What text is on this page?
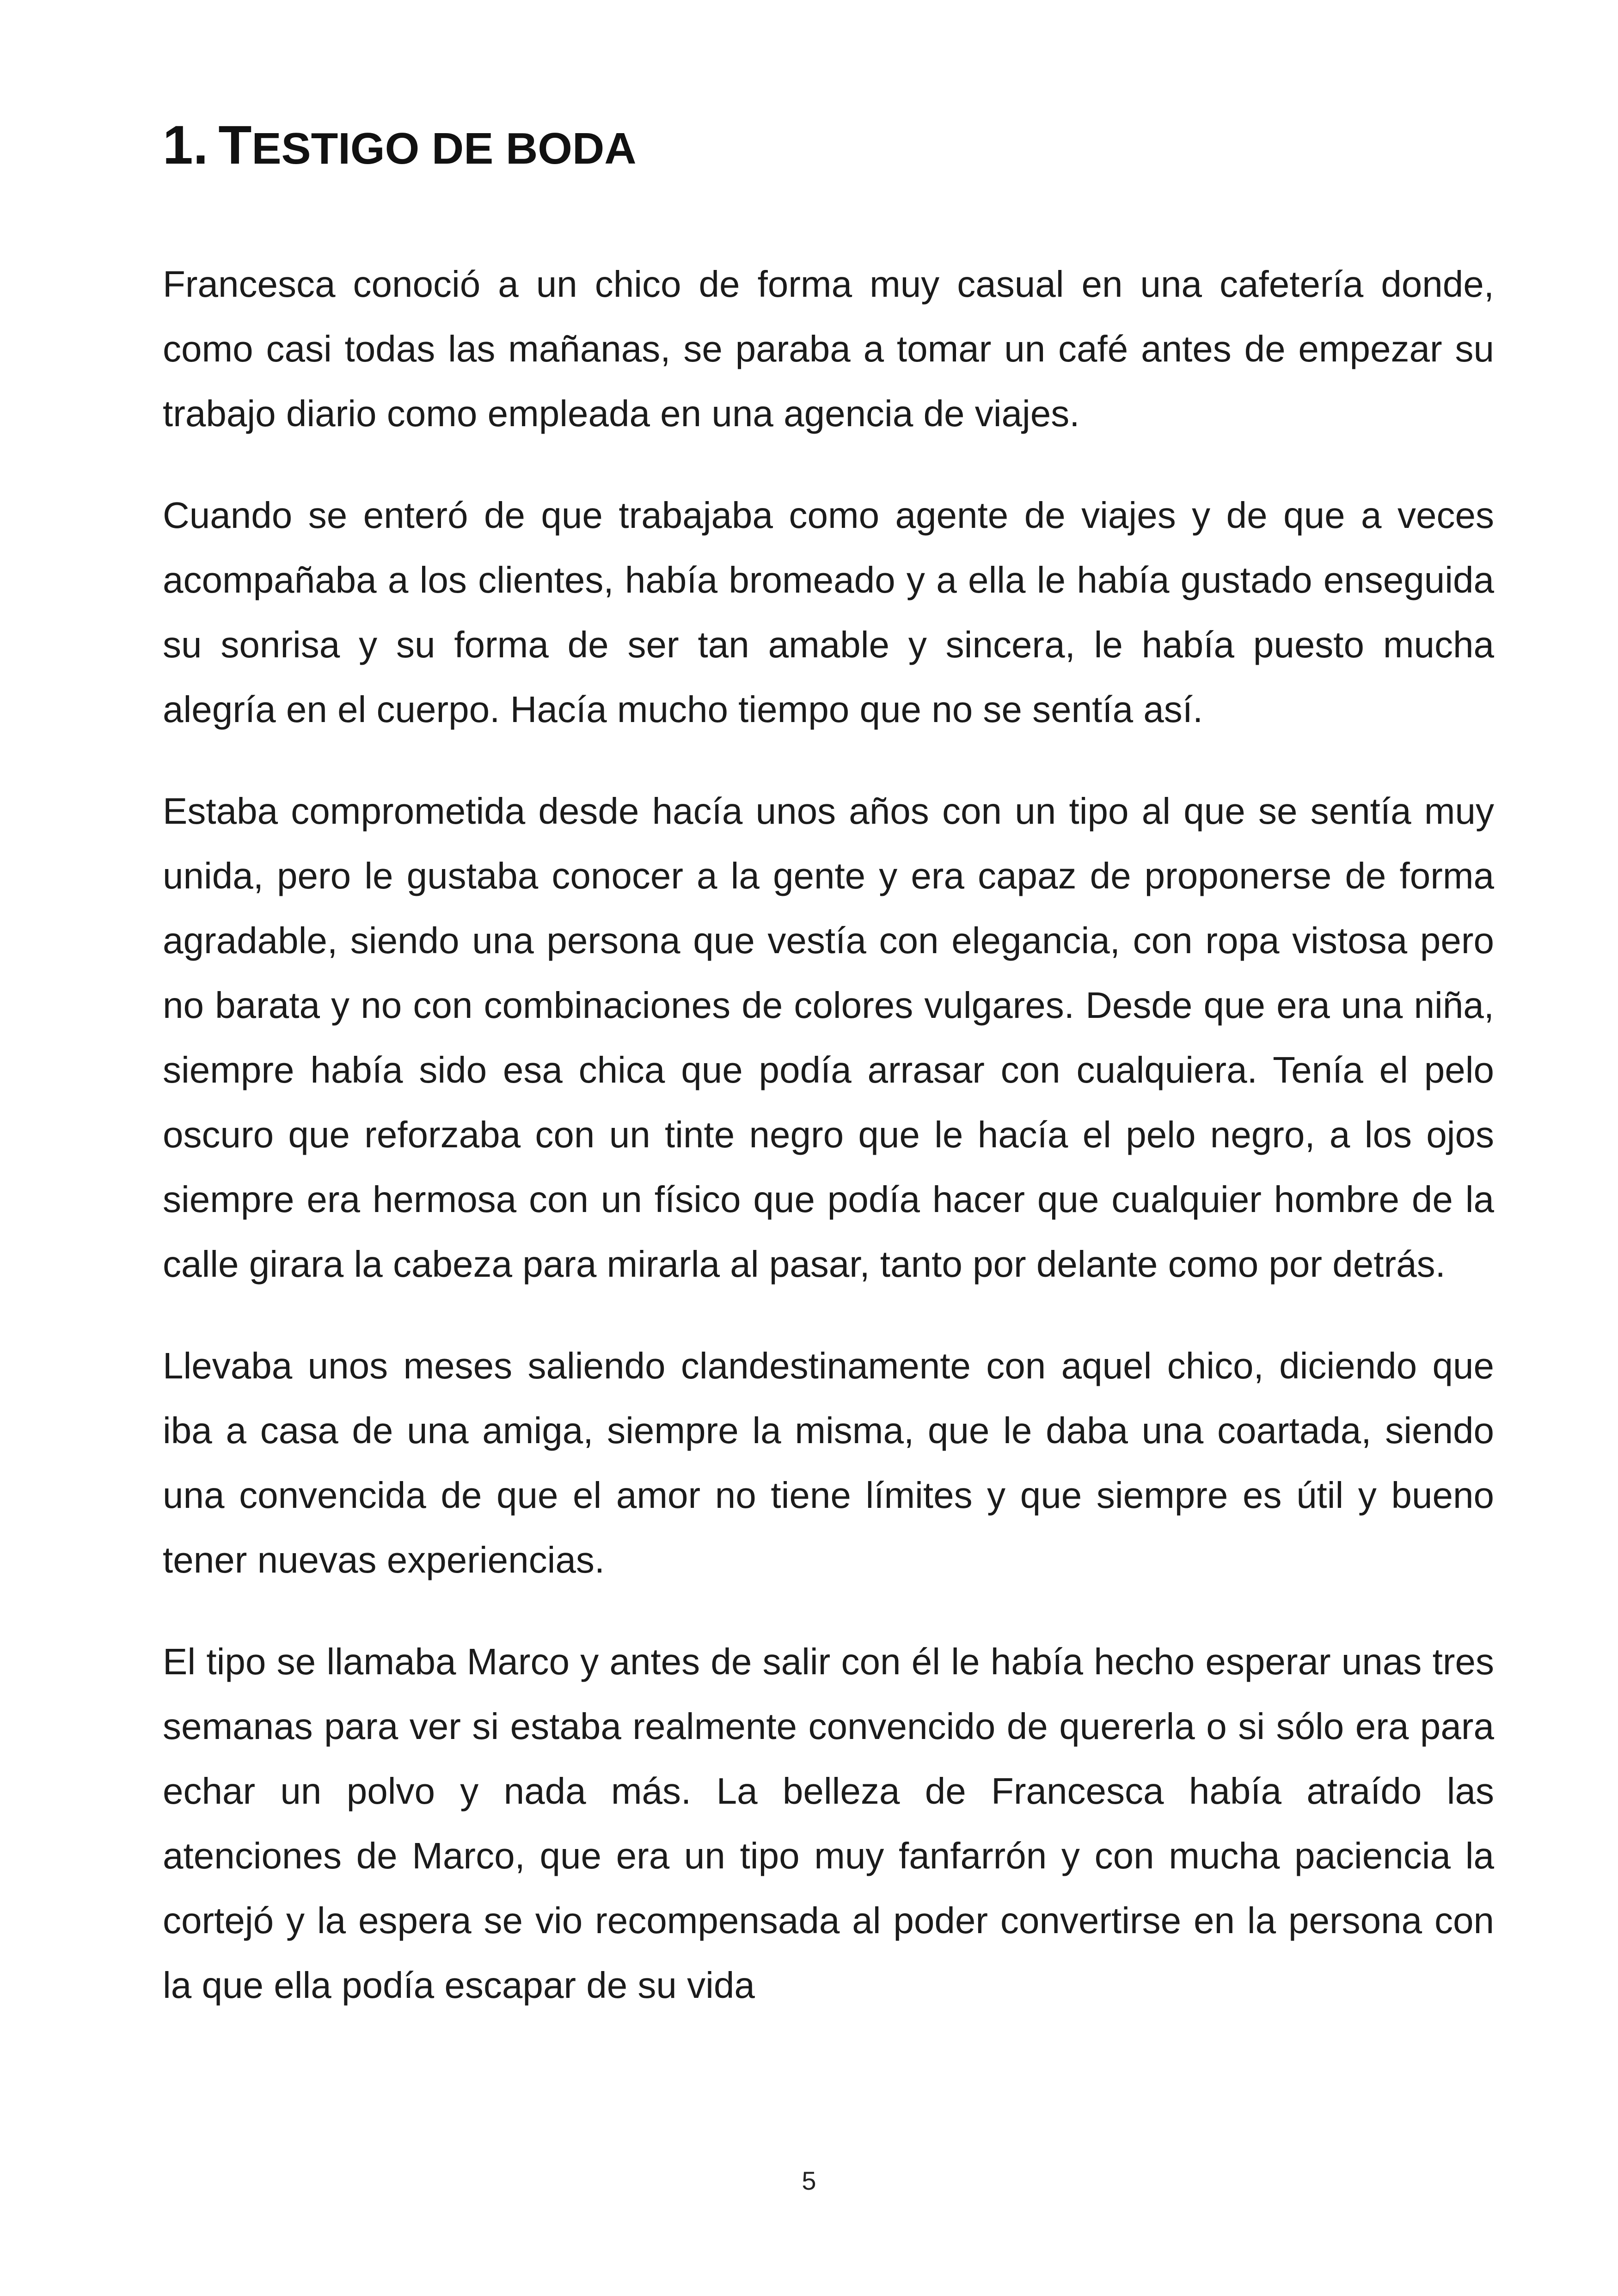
1. TESTIGO DE BODA

Francesca conoció a un chico de forma muy casual en una cafetería donde, como casi todas las mañanas, se paraba a tomar un café antes de empezar su trabajo diario como empleada en una agencia de viajes.

Cuando se enteró de que trabajaba como agente de viajes y de que a veces acompañaba a los clientes, había bromeado y a ella le había gustado enseguida su sonrisa y su forma de ser tan amable y sincera, le había puesto mucha alegría en el cuerpo. Hacía mucho tiempo que no se sentía así.

Estaba comprometida desde hacía unos años con un tipo al que se sentía muy unida, pero le gustaba conocer a la gente y era capaz de proponerse de forma agradable, siendo una persona que vestía con elegancia, con ropa vistosa pero no barata y no con combinaciones de colores vulgares. Desde que era una niña, siempre había sido esa chica que podía arrasar con cualquiera. Tenía el pelo oscuro que reforzaba con un tinte negro que le hacía el pelo negro, a los ojos siempre era hermosa con un físico que podía hacer que cualquier hombre de la calle girara la cabeza para mirarla al pasar, tanto por delante como por detrás.

Llevaba unos meses saliendo clandestinamente con aquel chico, diciendo que iba a casa de una amiga, siempre la misma, que le daba una coartada, siendo una convencida de que el amor no tiene límites y que siempre es útil y bueno tener nuevas experiencias.

El tipo se llamaba Marco y antes de salir con él le había hecho esperar unas tres semanas para ver si estaba realmente convencido de quererla o si sólo era para echar un polvo y nada más. La belleza de Francesca había atraído las atenciones de Marco, que era un tipo muy fanfarrón y con mucha paciencia la cortejó y la espera se vio recompensada al poder convertirse en la persona con la que ella podía escapar de su vida

5
